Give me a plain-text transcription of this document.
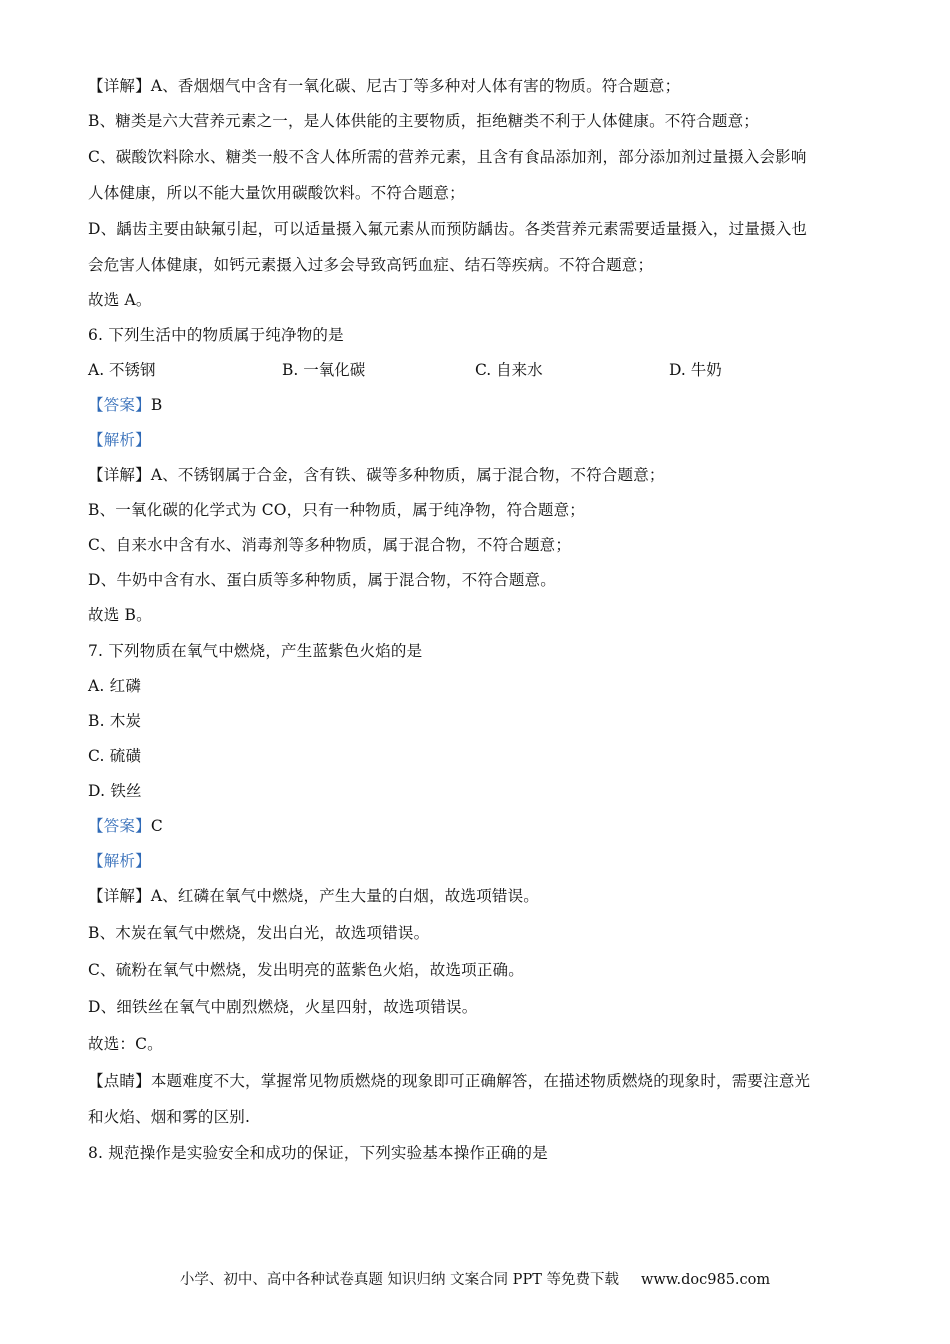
【详解】A、香烟烟气中含有一氧化碳、尼古丁等多种对人体有害的物质。符合题意；
B、糖类是六大营养元素之一，是人体供能的主要物质，拒绝糖类不利于人体健康。不符合题意；
C、碳酸饮料除水、糖类一般不含人体所需的营养元素，且含有食品添加剂，部分添加剂过量摄入会影响
人体健康，所以不能大量饮用碳酸饮料。不符合题意；
D、龋齿主要由缺氟引起，可以适量摄入氟元素从而预防龋齿。各类营养元素需要适量摄入，过量摄入也
会危害人体健康，如钙元素摄入过多会导致高钙血症、结石等疾病。不符合题意；
故选 A。
6. 下列生活中的物质属于纯净物的是
A. 不锈钢	B. 一氧化碳	C. 自来水	D. 牛奶
【答案】B
【解析】
【详解】A、不锈钢属于合金，含有铁、碳等多种物质，属于混合物，不符合题意；
B、一氧化碳的化学式为 CO，只有一种物质，属于纯净物，符合题意；
C、自来水中含有水、消毒剂等多种物质，属于混合物，不符合题意；
D、牛奶中含有水、蛋白质等多种物质，属于混合物，不符合题意。
故选 B。
7. 下列物质在氧气中燃烧，产生蓝紫色火焰的是
A. 红磷
B. 木炭
C. 硫磺
D. 铁丝
【答案】C
【解析】
【详解】A、红磷在氧气中燃烧，产生大量的白烟，故选项错误。
B、木炭在氧气中燃烧，发出白光，故选项错误。
C、硫粉在氧气中燃烧，发出明亮的蓝紫色火焰，故选项正确。
D、细铁丝在氧气中剧烈燃烧，火星四射，故选项错误。
故选：C。
【点睛】本题难度不大，掌握常见物质燃烧的现象即可正确解答，在描述物质燃烧的现象时，需要注意光
和火焰、烟和雾的区别.
8. 规范操作是实验安全和成功的保证，下列实验基本操作正确的是
小学、初中、高中各种试卷真题 知识归纳 文案合同 PPT 等免费下载 www.doc985.com
